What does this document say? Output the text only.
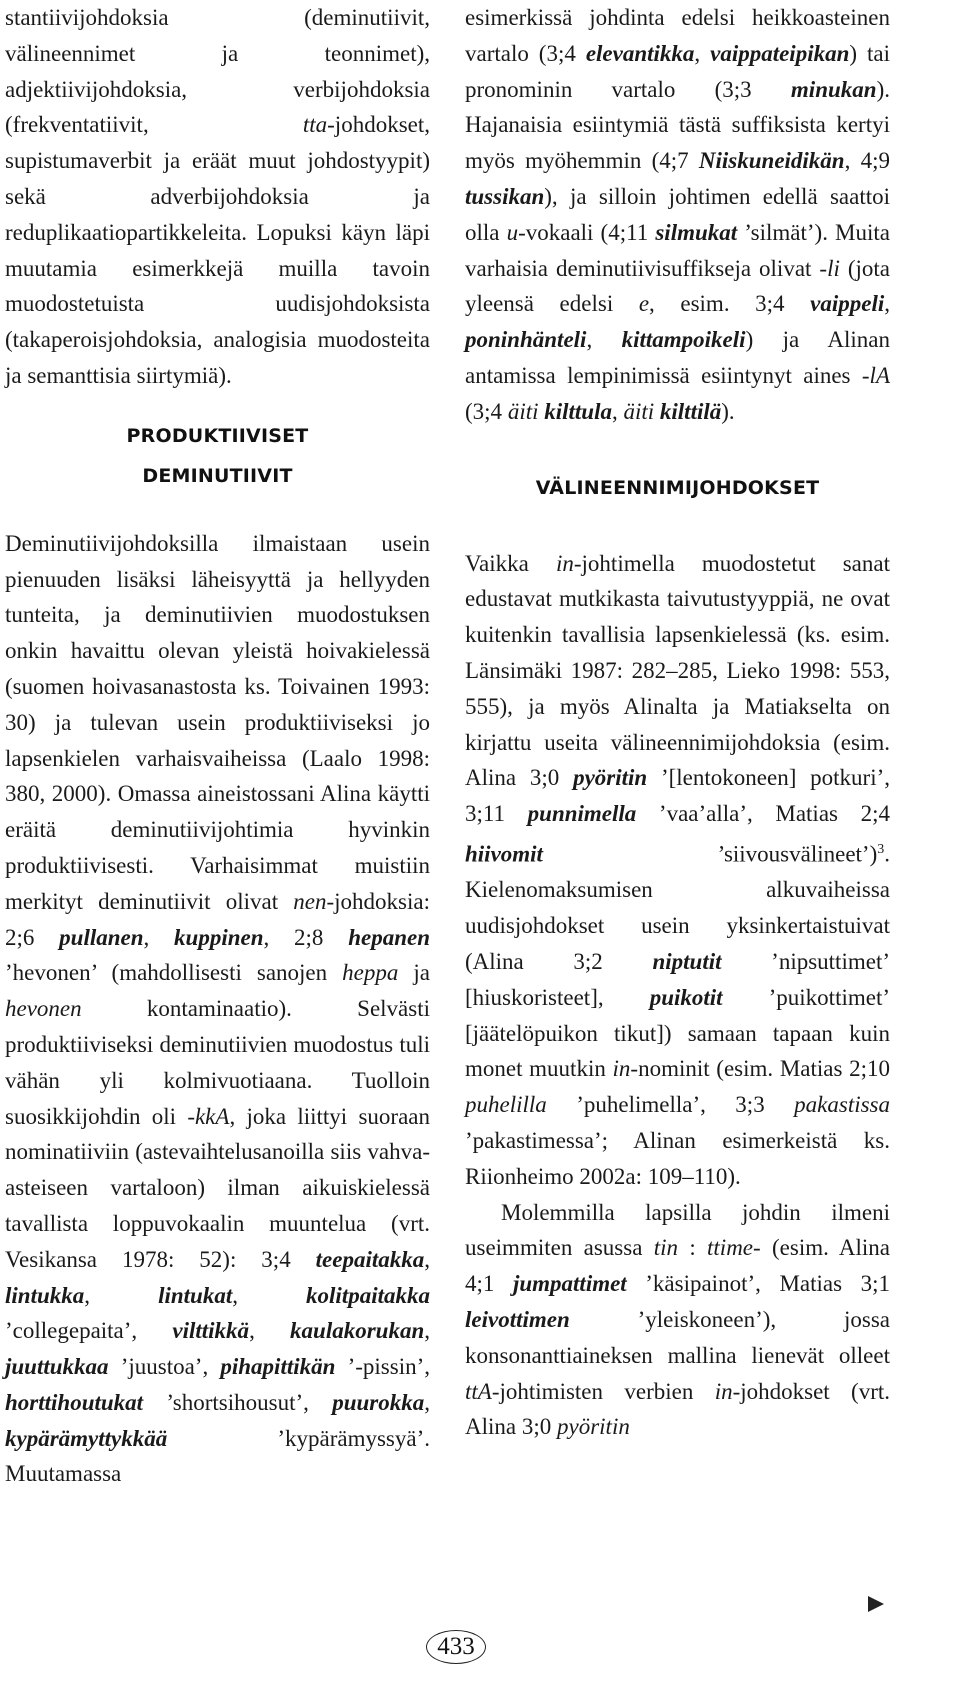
stantiivijohdoksia (deminutiivit, välineennimet ja teonnimet), adjektiivijohdoksia, verbijohdoksia (frekventatiivit, tta-johdokset, supistumaverbit ja eräät muut johdostyypit) sekä adverbijohdoksia ja reduplikaatiopartikkeleita. Lopuksi käyn läpi muutamia esimerkkejä muilla tavoin muodostetuista uudisjohdoksista (takaperoisjohdoksia, analogisia muodosteita ja semanttisia siirtymiä).

PRODUKTIIVISET
DEMINUTIIVIT

Deminutiivijohdoksilla ilmaistaan usein pienuuden lisäksi läheisyyttä ja hellyyden tunteita, ja deminutiivien muodostuksen onkin havaittu olevan yleistä hoivakielessä (suomen hoivasanastosta ks. Toivainen 1993: 30) ja tulevan usein produktiiviseksi jo lapsenkielen varhaisvaiheissa (Laalo 1998: 380, 2000). Omassa aineistossani Alina käytti eräitä deminutiivijohtimia hyvinkin produktiivisesti. Varhaisimmat muistiin merkityt deminutiivit olivat nen-johdoksia: 2;6 pullanen, kuppinen, 2;8 hepanen ’hevonen’ (mahdollisesti sanojen heppa ja hevonen kontaminaatio). Selvästi produktiiviseksi deminutiivien muodostus tuli vähän yli kolmivuotiaana. Tuolloin suosikkijohdin oli -kkA, joka liittyi suoraan nominatiiviin (astevaihtelusanoilla siis vahva-asteiseen vartaloon) ilman aikuiskielessä tavallista loppuvokaalin muuntelua (vrt. Vesikansa 1978: 52): 3;4 teepaitakka, lintukka, lintukat, kolitpaitakka ’collegepaita’, vilttikkä, kaulakorukan, juuttukkaa ’juustoa’, pihapittikän ’-pissin’, horttihoutukat ’shortsihousut’, puurokka, kypärämyttykkää ’kypärämyssyä’. Muutamassa

esimerkissä johdinta edelsi heikkoasteinen vartalo (3;4 elevantikka, vaippateipikan) tai pronominin vartalo (3;3 minukan). Hajanaisia esiintymiä tästä suffiksista kertyi myös myöhemmin (4;7 Niiskuneidikän, 4;9 tussikan), ja silloin johtimen edellä saattoi olla u-vokaali (4;11 silmukat ’silmät’). Muita varhaisia deminutiivisuffikseja olivat -li (jota yleensä edelsi e, esim. 3;4 vaippeli, poninhänteli, kittampoikeli) ja Alinan antamissa lempinimissä esiintynyt aines -lA (3;4 äiti kilttula, äiti kilttilä).

VÄLINEENNIMIJOHDOKSET

Vaikka in-johtimella muodostetut sanat edustavat mutkikasta taivutustyyppiä, ne ovat kuitenkin tavallisia lapsenkielessä (ks. esim. Länsimäki 1987: 282–285, Lieko 1998: 553, 555), ja myös Alinalta ja Matiakselta on kirjattu useita välineennimijohdoksia (esim. Alina 3;0 pyöritin ’[lentokoneen] potkuri’, 3;11 punnimella ’vaa’alla’, Matias 2;4 hiivomit ’siivousvälineet’)$^3$. Kielenomaksumisen alkuvaiheissa uudisjohdokset usein yksinkertaistuivat (Alina 3;2 niptutit ’nipsuttimet’ [hiuskoristeet], puikotit ’puikottimet’ [jäätelöpuikon tikut]) samaan tapaan kuin monet muutkin in-nominit (esim. Matias 2;10 puhelilla ’puhelimella’, 3;3 pakastissa ’pakastimessa’; Alinan esimerkeistä ks. Riionheimo 2002a: 109–110).

Molemmilla lapsilla johdin ilmeni useimmiten asussa tin : ttime- (esim. Alina 4;1 jumpattimet ’käsipainot’, Matias 3;1 leivottimen ’yleiskoneen’), jossa konsonanttiaineksen mallina lienevät olleet ttA-johtimisten verbien in-johdokset (vrt. Alina 3;0 pyöritin

433
